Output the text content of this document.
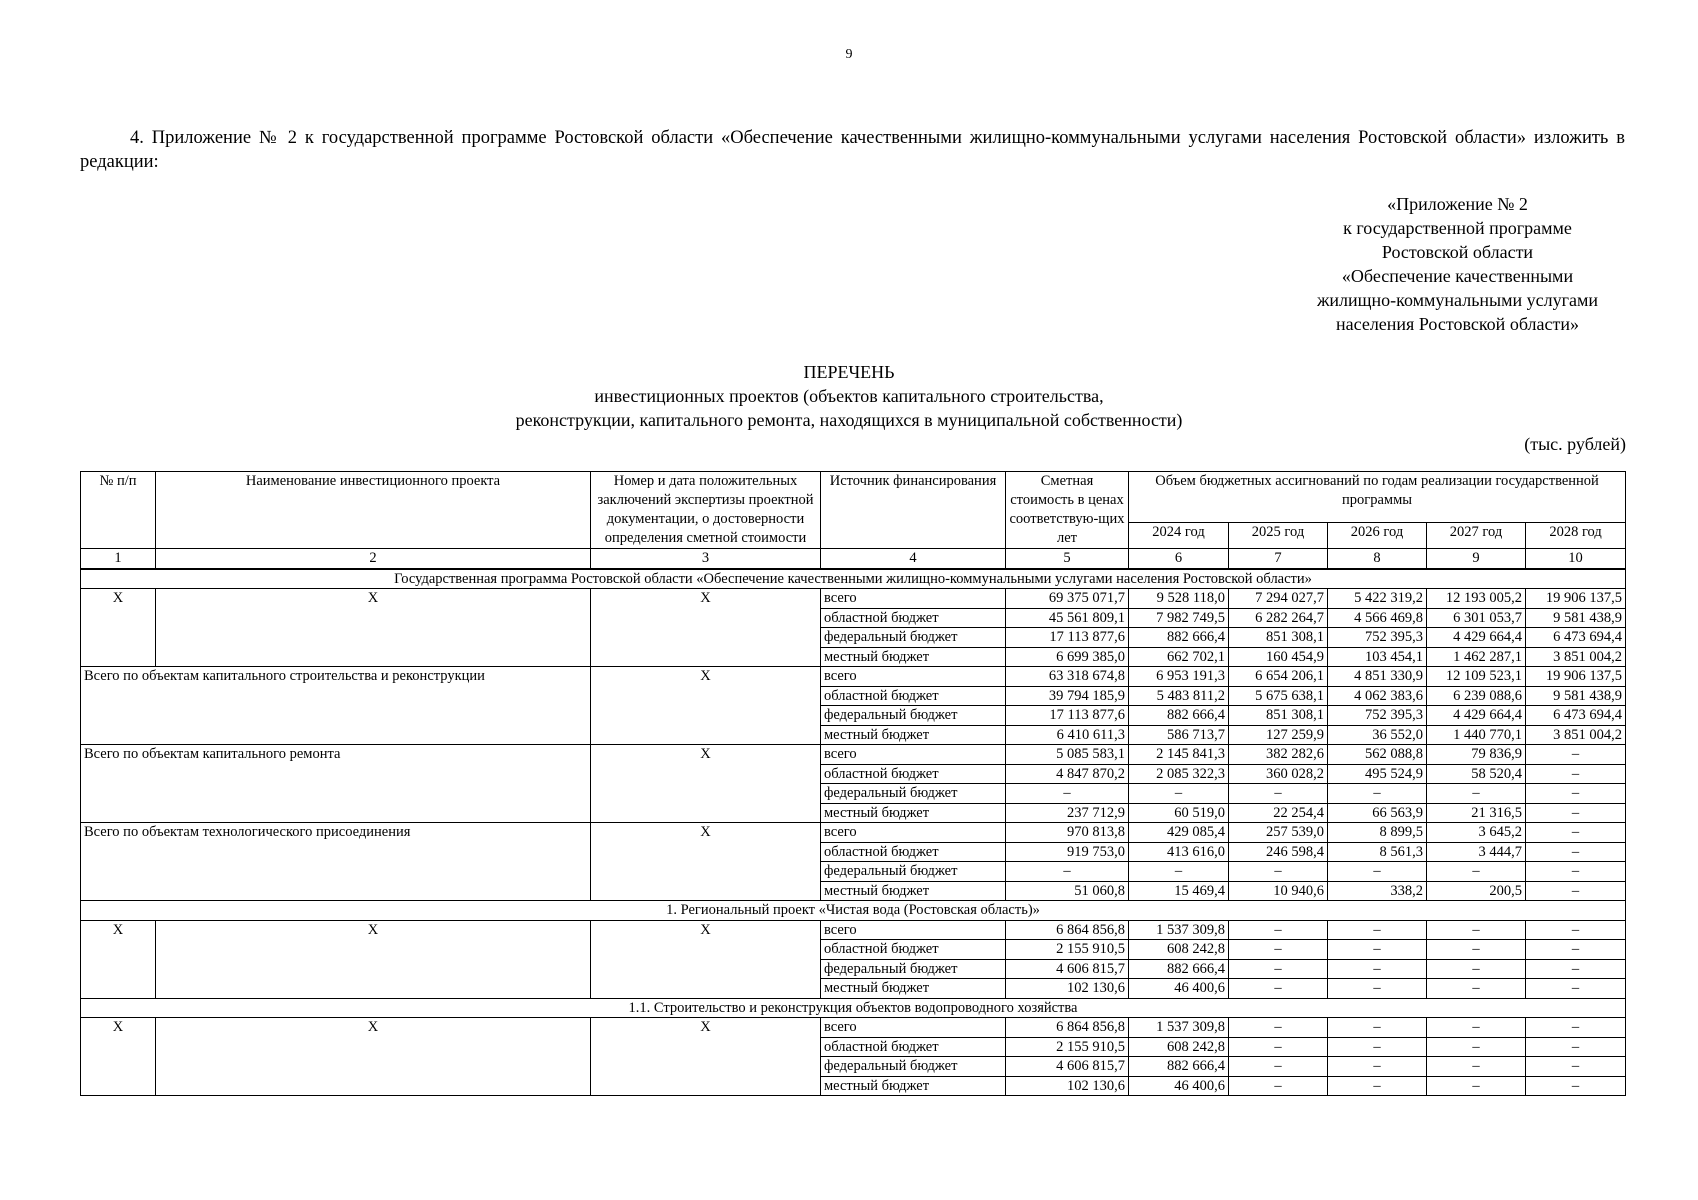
9
4. Приложение № 2 к государственной программе Ростовской области «Обеспечение качественными жилищно-коммунальными услугами населения Ростовской области» изложить в редакции:
«Приложение № 2
к государственной программе
Ростовской области
«Обеспечение качественными
жилищно-коммунальными услугами
населения Ростовской области»
ПЕРЕЧЕНЬ
инвестиционных проектов (объектов капитального строительства,
реконструкции, капитального ремонта, находящихся в муниципальной собственности)
(тыс. рублей)
№ п/п	Наименование инвестиционного проекта	Номер и дата положительных заключений экспертизы проектной документации, о достоверности определения сметной стоимости	Источник финансирования	Сметная стоимость в ценах соответствую-щих лет	Объем бюджетных ассигнований по годам реализации государственной программы				
					2024 год	2025 год	2026 год	2027 год	2028 год
1	2	3	4	5	6	7	8	9	10
Государственная программа Ростовской области «Обеспечение качественными жилищно-коммунальными услугами населения Ростовской области»									
Х	Х	Х	всего	69 375 071,7	9 528 118,0	7 294 027,7	5 422 319,2	12 193 005,2	19 906 137,5
			областной бюджет	45 561 809,1	7 982 749,5	6 282 264,7	4 566 469,8	6 301 053,7	9 581 438,9
			федеральный бюджет	17 113 877,6	882 666,4	851 308,1	752 395,3	4 429 664,4	6 473 694,4
			местный бюджет	6 699 385,0	662 702,1	160 454,9	103 454,1	1 462 287,1	3 851 004,2
Всего по объектам капитального строительства и реконструкции		Х	всего	63 318 674,8	6 953 191,3	6 654 206,1	4 851 330,9	12 109 523,1	19 906 137,5
			областной бюджет	39 794 185,9	5 483 811,2	5 675 638,1	4 062 383,6	6 239 088,6	9 581 438,9
			федеральный бюджет	17 113 877,6	882 666,4	851 308,1	752 395,3	4 429 664,4	6 473 694,4
			местный бюджет	6 410 611,3	586 713,7	127 259,9	36 552,0	1 440 770,1	3 851 004,2
Всего по объектам капитального ремонта		Х	всего	5 085 583,1	2 145 841,3	382 282,6	562 088,8	79 836,9	–
			областной бюджет	4 847 870,2	2 085 322,3	360 028,2	495 524,9	58 520,4	–
			федеральный бюджет	–	–	–	–	–	–
			местный бюджет	237 712,9	60 519,0	22 254,4	66 563,9	21 316,5	–
Всего по объектам технологического присоединения		Х	всего	970 813,8	429 085,4	257 539,0	8 899,5	3 645,2	–
			областной бюджет	919 753,0	413 616,0	246 598,4	8 561,3	3 444,7	–
			федеральный бюджет	–	–	–	–	–	–
			местный бюджет	51 060,8	15 469,4	10 940,6	338,2	200,5	–
1. Региональный проект «Чистая вода (Ростовская область)»									
Х	Х	Х	всего	6 864 856,8	1 537 309,8	–	–	–	–
			областной бюджет	2 155 910,5	608 242,8	–	–	–	–
			федеральный бюджет	4 606 815,7	882 666,4	–	–	–	–
			местный бюджет	102 130,6	46 400,6	–	–	–	–
1.1. Строительство и реконструкция объектов водопроводного хозяйства									
Х	Х	Х	всего	6 864 856,8	1 537 309,8	–	–	–	–
			областной бюджет	2 155 910,5	608 242,8	–	–	–	–
			федеральный бюджет	4 606 815,7	882 666,4	–	–	–	–
			местный бюджет	102 130,6	46 400,6	–	–	–	–
